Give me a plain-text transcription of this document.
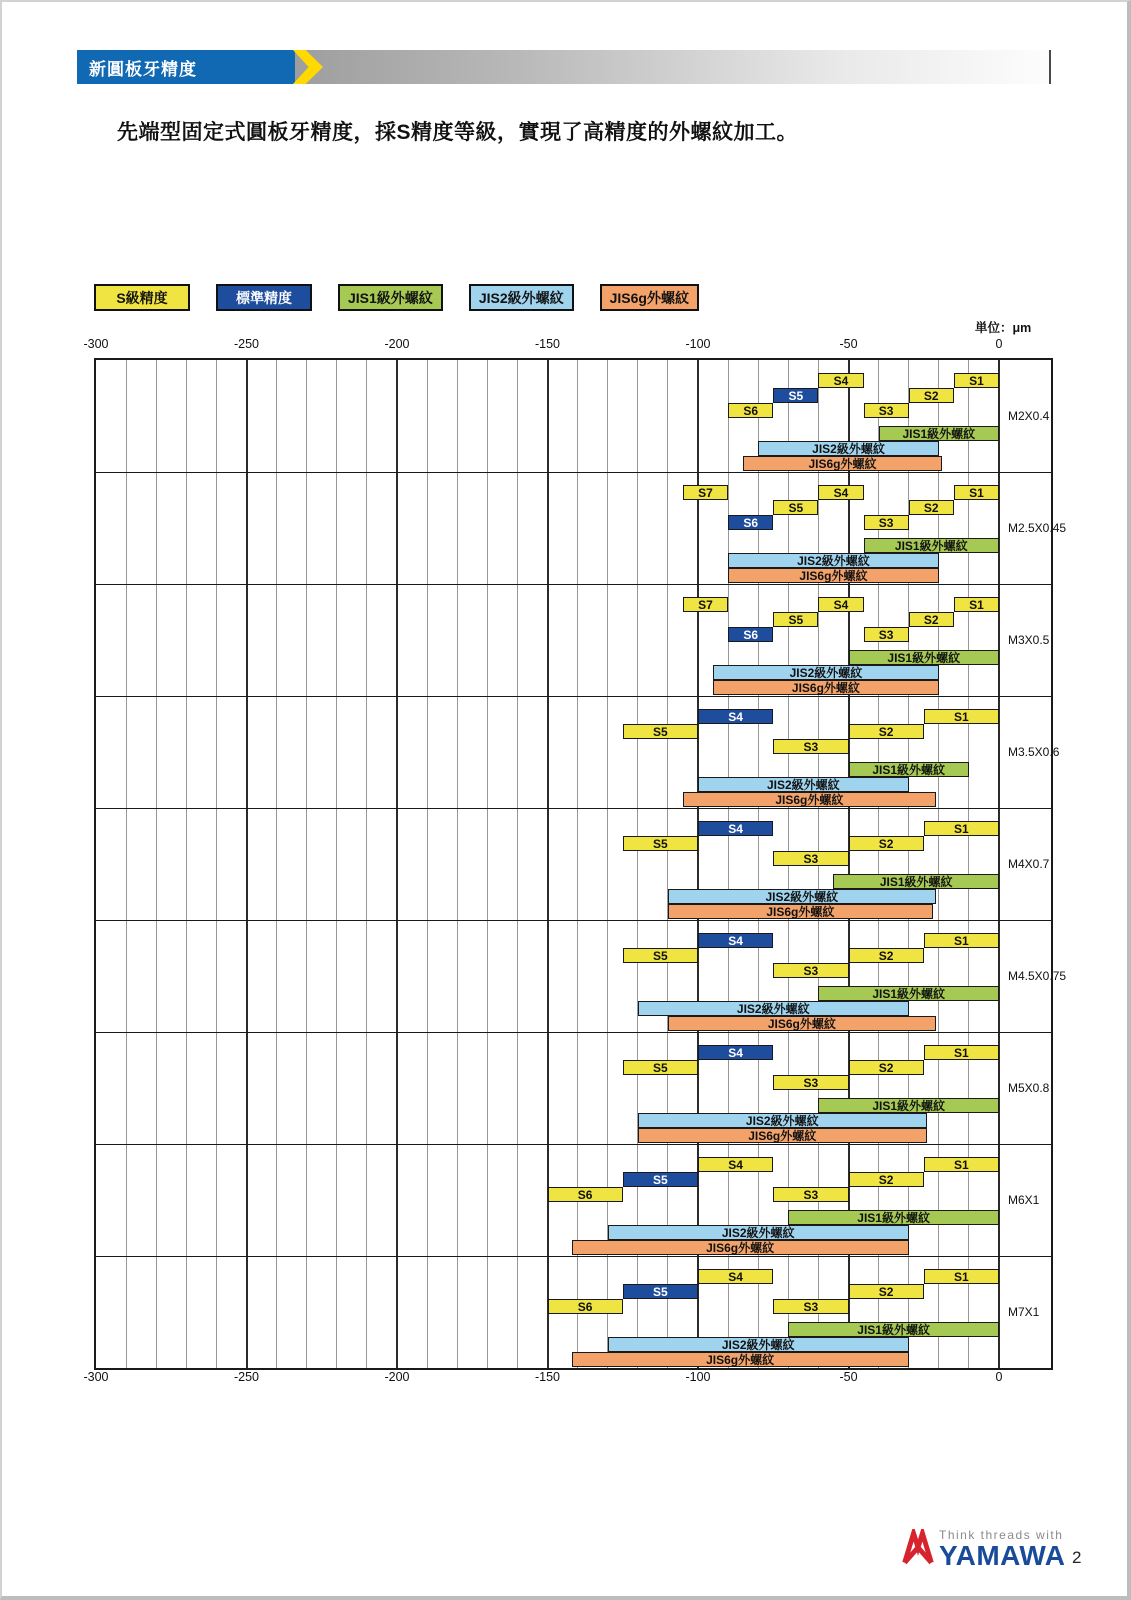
新圓板牙精度
先端型固定式圓板牙精度，採S精度等級，實現了高精度的外螺紋加工。
S級精度	標準精度	JIS1級外螺紋	JIS2級外螺紋	JIS6g外螺紋
単位：μm
-300	-250	-200	-150	-100	-50	0
-300	-250	-200	-150	-100	-50	0
S4	S1
S5	S2
S6	S3
JIS1級外螺紋
JIS2級外螺紋
JIS6g外螺紋
M2X0.4
S7	S4	S1
S5	S2
S6	S3
JIS1級外螺紋
JIS2級外螺紋
JIS6g外螺紋
M2.5X0.45
S7	S4	S1
S5	S2
S6	S3
JIS1級外螺紋
JIS2級外螺紋
JIS6g外螺紋
M3X0.5
S4	S1
S5	S2
S3
JIS1級外螺紋
JIS2級外螺紋
JIS6g外螺紋
M3.5X0.6
S4	S1
S5	S2
S3
JIS1級外螺紋
JIS2級外螺紋
JIS6g外螺紋
M4X0.7
S4	S1
S5	S2
S3
JIS1級外螺紋
JIS2級外螺紋
JIS6g外螺紋
M4.5X0.75
S4	S1
S5	S2
S3
JIS1級外螺紋
JIS2級外螺紋
JIS6g外螺紋
M5X0.8
S4	S1
S5	S2
S6	S3
JIS1級外螺紋
JIS2級外螺紋
JIS6g外螺紋
M6X1
S4	S1
S5	S2
S6	S3
JIS1級外螺紋
JIS2級外螺紋
JIS6g外螺紋
M7X1
Think threads with
YAMAWA 2
